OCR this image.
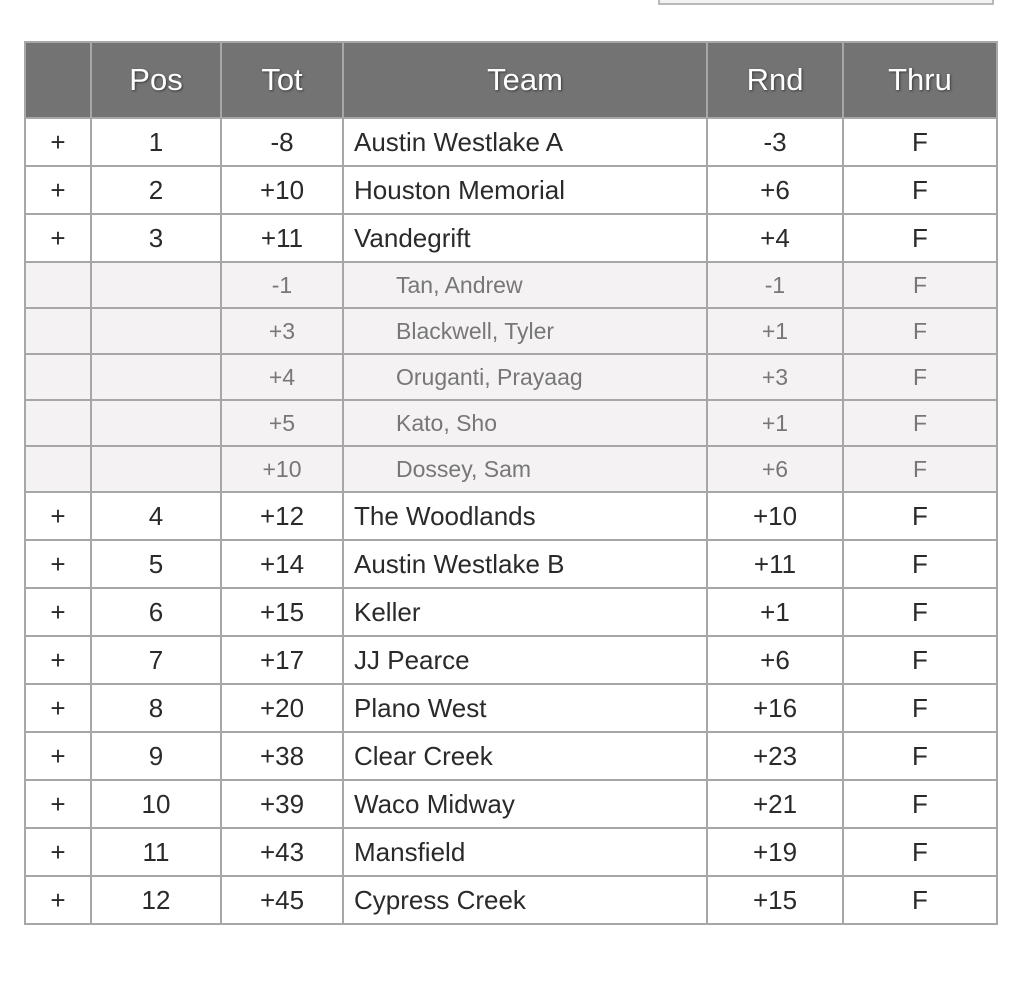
	Pos	Tot	Team	Rnd	Thru
+	1	-8	Austin Westlake A	-3	F
+	2	+10	Houston Memorial	+6	F
+	3	+11	Vandegrift	+4	F
		-1	Tan, Andrew	-1	F
		+3	Blackwell, Tyler	+1	F
		+4	Oruganti, Prayaag	+3	F
		+5	Kato, Sho	+1	F
		+10	Dossey, Sam	+6	F
+	4	+12	The Woodlands	+10	F
+	5	+14	Austin Westlake B	+11	F
+	6	+15	Keller	+1	F
+	7	+17	JJ Pearce	+6	F
+	8	+20	Plano West	+16	F
+	9	+38	Clear Creek	+23	F
+	10	+39	Waco Midway	+21	F
+	11	+43	Mansfield	+19	F
+	12	+45	Cypress Creek	+15	F
